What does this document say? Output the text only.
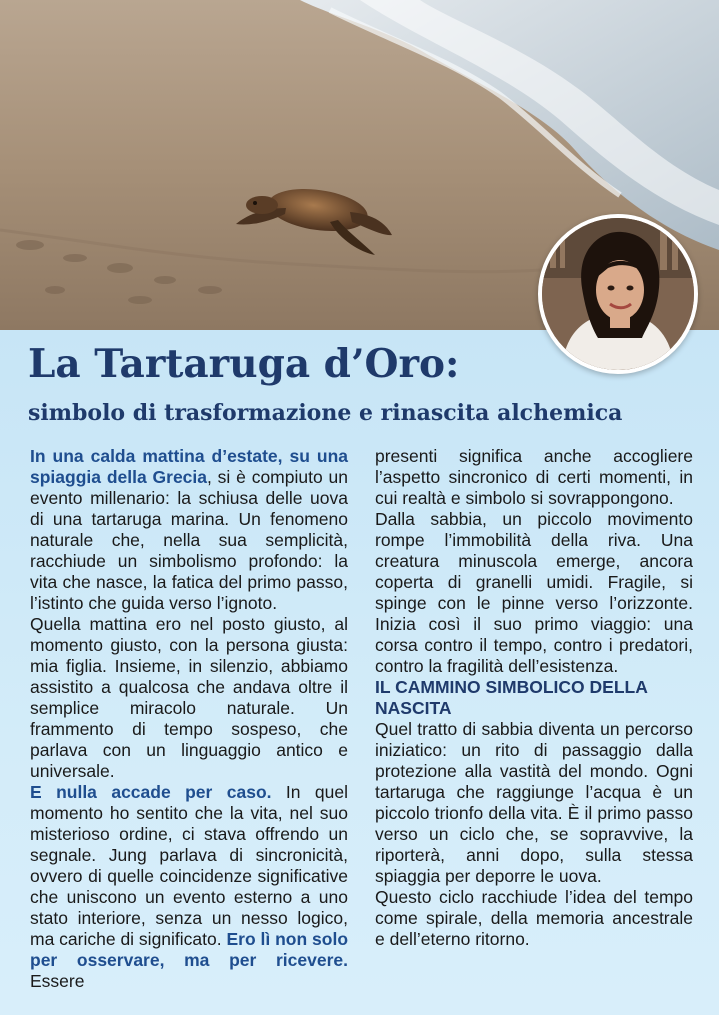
La Tartaruga d’Oro:
simbolo di trasformazione e rinascita alchemica

In una calda mattina d’estate, su una spiaggia della Grecia, si è compiuto un evento millenario: la schiusa delle uova di una tartaruga marina. Un fenomeno naturale che, nella sua semplicità, racchiude un simbolismo profondo: la vita che nasce, la fatica del primo passo, l’istinto che guida verso l’ignoto.

Quella mattina ero nel posto giusto, al momento giusto, con la persona giusta: mia figlia. Insieme, in silenzio, abbiamo assistito a qualcosa che andava oltre il semplice miracolo naturale. Un frammento di tempo sospeso, che parlava con un linguaggio antico e universale.

E nulla accade per caso. In quel momento ho sentito che la vita, nel suo misterioso ordine, ci stava offrendo un segnale. Jung parlava di sincronicità, ovvero di quelle coincidenze significative che uniscono un evento esterno a uno stato interiore, senza un nesso logico, ma cariche di significato. Ero lì non solo per osservare, ma per ricevere. Essere

presenti significa anche accogliere l’aspetto sincronico di certi momenti, in cui realtà e simbolo si sovrappongono.

Dalla sabbia, un piccolo movimento rompe l’immobilità della riva. Una creatura minuscola emerge, ancora coperta di granelli umidi. Fragile, si spinge con le pinne verso l’orizzonte. Inizia così il suo primo viaggio: una corsa contro il tempo, contro i predatori, contro la fragilità dell’esistenza.

IL CAMMINO SIMBOLICO DELLA NASCITA

Quel tratto di sabbia diventa un percorso iniziatico: un rito di passaggio dalla protezione alla vastità del mondo. Ogni tartaruga che raggiunge l’acqua è un piccolo trionfo della vita. È il primo passo verso un ciclo che, se sopravvive, la riporterà, anni dopo, sulla stessa spiaggia per deporre le uova.

Questo ciclo racchiude l’idea del tempo come spirale, della memoria ancestrale e dell’eterno ritorno.
